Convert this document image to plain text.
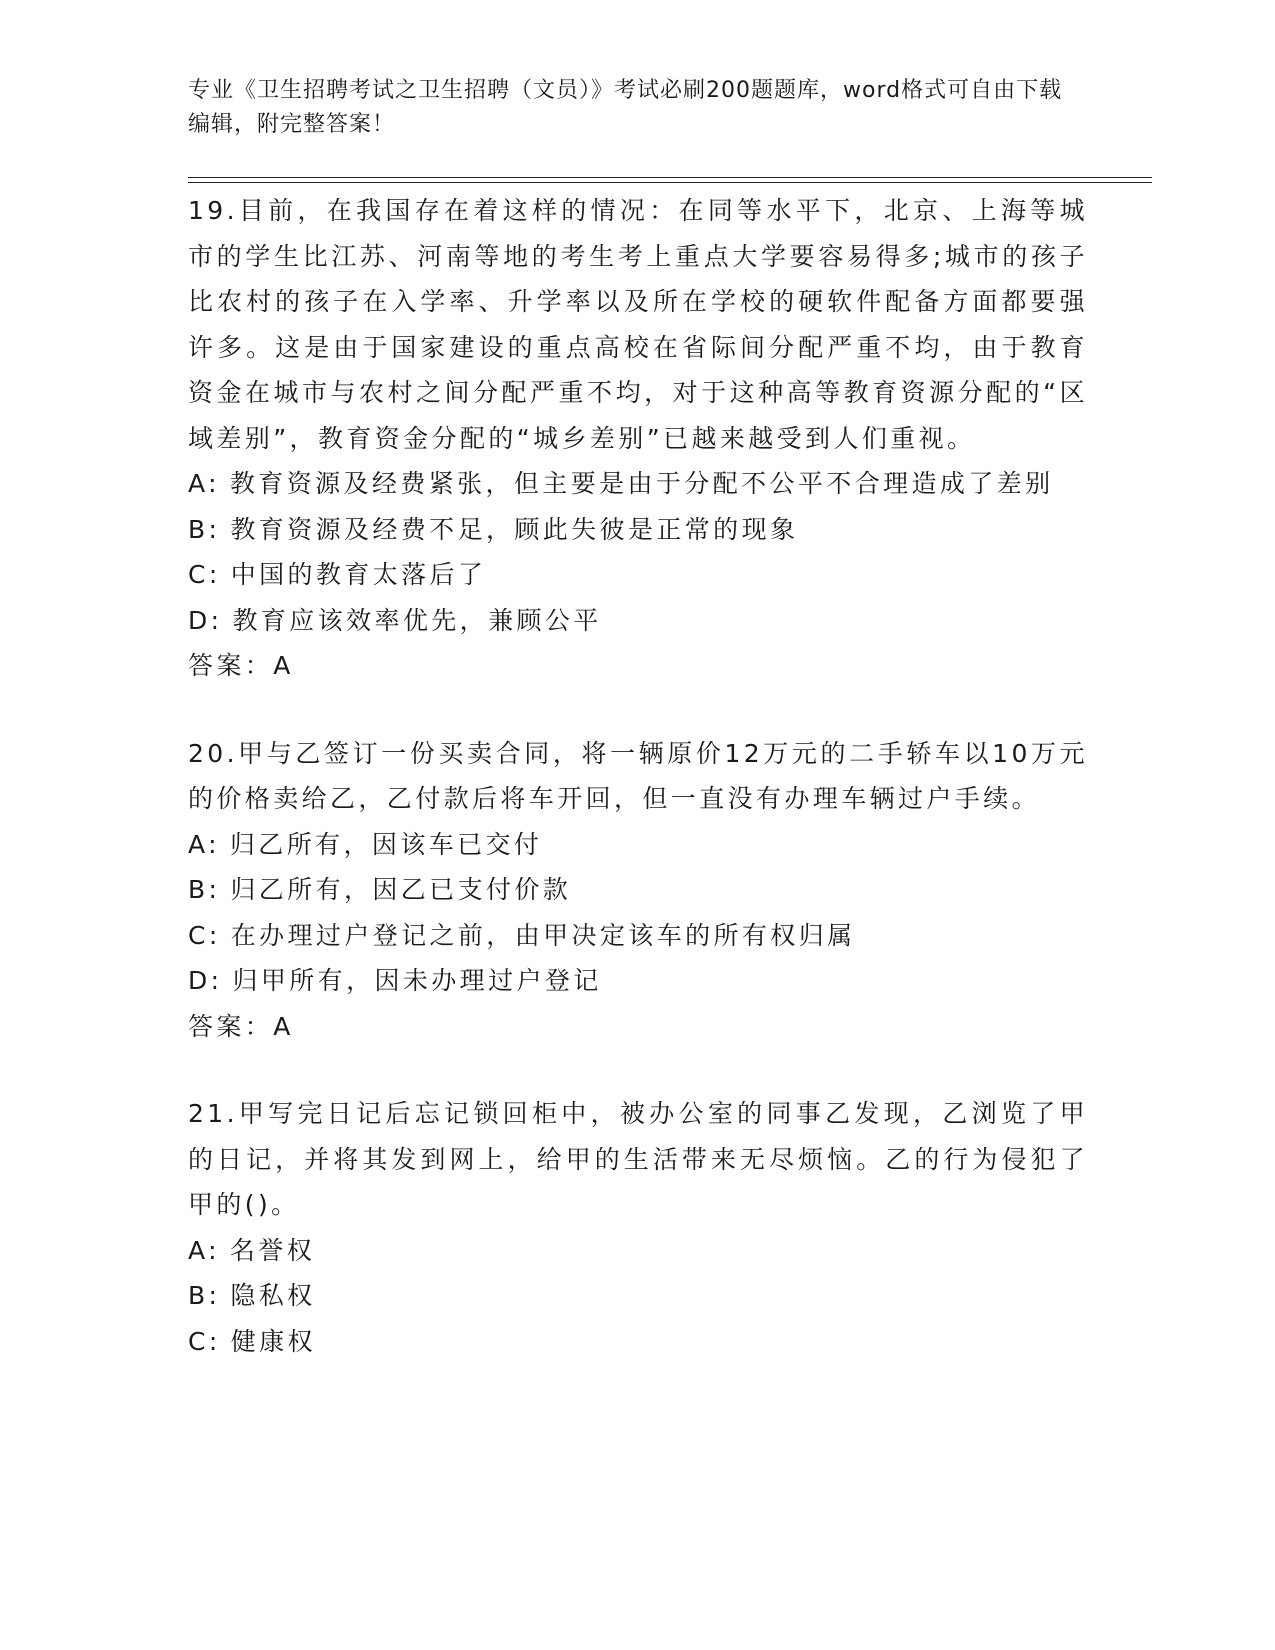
专业《卫生招聘考试之卫生招聘（文员）》考试必刷200题题库，word格式可自由下载编辑，附完整答案！

19.目前，在我国存在着这样的情况：在同等水平下，北京、上海等城市的学生比江苏、河南等地的考生考上重点大学要容易得多;城市的孩子比农村的孩子在入学率、升学率以及所在学校的硬软件配备方面都要强许多。这是由于国家建设的重点高校在省际间分配严重不均，由于教育资金在城市与农村之间分配严重不均，对于这种高等教育资源分配的“区域差别”，教育资金分配的“城乡差别”已越来越受到人们重视。

A: 教育资源及经费紧张，但主要是由于分配不公平不合理造成了差别

B: 教育资源及经费不足，顾此失彼是正常的现象

C: 中国的教育太落后了

D: 教育应该效率优先，兼顾公平

答案：A

20.甲与乙签订一份买卖合同，将一辆原价12万元的二手轿车以10万元的价格卖给乙，乙付款后将车开回，但一直没有办理车辆过户手续。

A: 归乙所有，因该车已交付

B: 归乙所有，因乙已支付价款

C: 在办理过户登记之前，由甲决定该车的所有权归属

D: 归甲所有，因未办理过户登记

答案：A

21.甲写完日记后忘记锁回柜中，被办公室的同事乙发现，乙浏览了甲的日记，并将其发到网上，给甲的生活带来无尽烦恼。乙的行为侵犯了甲的()。

A: 名誉权

B: 隐私权

C: 健康权
